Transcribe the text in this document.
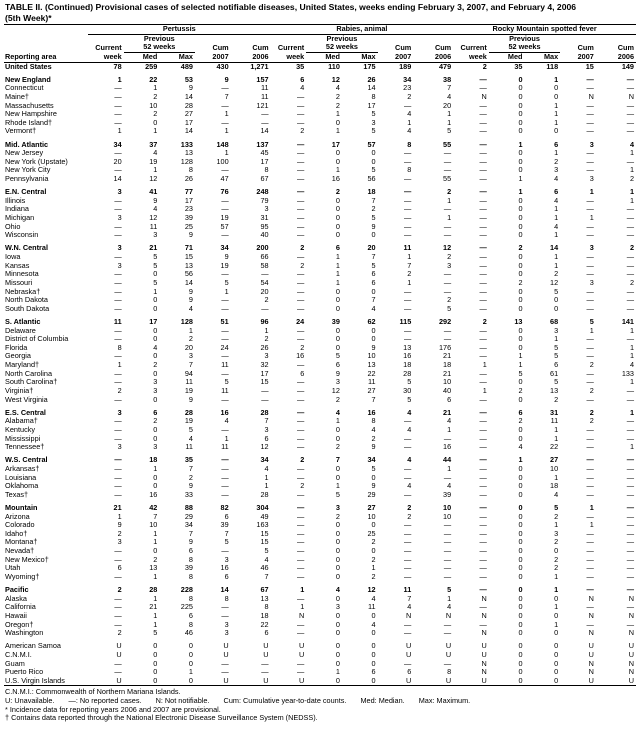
TABLE II. (Continued) Provisional cases of selected notifiable diseases, United States, weeks ending February 3, 2007, and February 4, 2006
(5th Week)*
	Pertussis					Rabies, animal					Rocky Mountain spotted fever				
		Previous					Previous					Previous			
	Current	52 weeks		Cum	Cum	Current	52 weeks		Cum	Cum	Current	52 weeks		Cum	Cum
Reporting area	week	Med	Max	2007	2006	week	Med	Max	2007	2006	week	Med	Max	2007	2006
United States	78	259	489	430	1,271	35	110	175	189	479	2	35	118	15	149

New England	1	22	53	9	157	6	12	26	34	38	—	0	1	—	—
Connecticut	—	1	9	—	11	4	4	14	23	7	—	0	0	—	—
Maine†	—	2	14	7	11	—	2	8	2	4	N	0	0	N	N
Massachusetts	—	10	28	—	121	—	2	17	—	20	—	0	1	—	—
New Hampshire	—	2	27	1	—	—	1	5	4	1	—	0	1	—	—
Rhode Island†	—	0	17	—	—	—	0	3	1	1	—	0	1	—	—
Vermont†	1	1	14	1	14	2	1	5	4	5	—	0	0	—	—

Mid. Atlantic	34	37	133	148	137	—	17	57	8	55	—	1	6	3	4
New Jersey	—	4	13	1	45	—	0	0	—	—	—	0	1	—	1
New York (Upstate)	20	19	128	100	17	—	0	0	—	—	—	0	2	—	—
New York City	—	1	8	—	8	—	1	5	8	—	—	0	3	—	1
Pennsylvania	14	12	26	47	67	—	16	56	—	55	—	1	4	3	2

E.N. Central	3	41	77	76	248	—	2	18	—	2	—	1	6	1	1
Illinois	—	9	17	—	79	—	0	7	—	1	—	0	4	—	1
Indiana	—	4	23	—	3	—	0	2	—	—	—	0	1	—	—
Michigan	3	12	39	19	31	—	0	5	—	1	—	0	1	1	—
Ohio	—	11	25	57	95	—	0	9	—	—	—	0	4	—	—
Wisconsin	—	3	9	—	40	—	0	0	—	—	—	0	1	—	—

W.N. Central	3	21	71	34	200	2	6	20	11	12	—	2	14	3	2
Iowa	—	5	15	9	66	—	1	7	1	2	—	0	1	—	—
Kansas	3	5	13	19	58	2	1	5	7	3	—	0	1	—	—
Minnesota	—	0	56	—	—	—	1	6	2	—	—	0	2	—	—
Missouri	—	5	14	5	54	—	1	6	1	—	—	2	12	3	2
Nebraska†	—	1	9	1	20	—	0	0	—	—	—	0	5	—	—
North Dakota	—	0	9	—	2	—	0	7	—	2	—	0	0	—	—
South Dakota	—	0	4	—	—	—	0	4	—	5	—	0	0	—	—

S. Atlantic	11	17	128	51	96	24	39	62	115	292	2	13	68	5	141
Delaware	—	0	1	—	1	—	0	0	—	—	—	0	3	1	1
District of Columbia	—	0	2	—	2	—	0	0	—	—	—	0	1	—	—
Florida	8	4	20	24	26	2	0	9	13	176	—	0	5	—	1
Georgia	—	0	3	—	3	16	5	10	16	21	—	1	5	—	1
Maryland†	1	2	7	11	32	—	6	13	18	18	1	1	6	2	4
North Carolina	—	0	94	—	17	6	9	22	28	21	—	5	61	—	133
South Carolina†	—	3	11	5	15	—	3	11	5	10	—	0	5	—	1
Virginia†	2	3	19	11	—	—	12	27	30	40	1	2	13	2	—
West Virginia	—	0	9	—	—	—	2	7	5	6	—	0	2	—	—

E.S. Central	3	6	28	16	28	—	4	16	4	21	—	6	31	2	1
Alabama†	—	2	19	4	7	—	1	8	—	4	—	2	11	2	—
Kentucky	—	0	5	—	3	—	0	4	4	1	—	0	1	—	—
Mississippi	—	0	4	1	6	—	0	2	—	—	—	0	1	—	—
Tennessee†	3	3	11	11	12	—	2	9	—	16	—	4	22	—	1

W.S. Central	—	18	35	—	34	2	7	34	4	44	—	1	27	—	—
Arkansas†	—	1	7	—	4	—	0	5	—	1	—	0	10	—	—
Louisiana	—	0	2	—	1	—	0	0	—	—	—	0	1	—	—
Oklahoma	—	0	9	—	1	2	1	9	4	4	—	0	18	—	—
Texas†	—	16	33	—	28	—	5	29	—	39	—	0	4	—	—

Mountain	21	42	88	82	304	—	3	27	2	10	—	0	5	1	—
Arizona	1	7	29	6	49	—	2	10	2	10	—	0	2	—	—
Colorado	9	10	34	39	163	—	0	0	—	—	—	0	1	1	—
Idaho†	2	1	7	7	15	—	0	25	—	—	—	0	3	—	—
Montana†	3	1	9	5	15	—	0	2	—	—	—	0	2	—	—
Nevada†	—	0	6	—	5	—	0	0	—	—	—	0	0	—	—
New Mexico†	—	2	8	3	4	—	0	2	—	—	—	0	2	—	—
Utah	6	13	39	16	46	—	0	1	—	—	—	0	2	—	—
Wyoming†	—	1	8	6	7	—	0	2	—	—	—	0	1	—	—

Pacific	2	28	228	14	67	1	4	12	11	5	—	0	1	—	—
Alaska	—	1	8	8	13	—	0	4	7	1	N	0	0	N	N
California	—	21	225	—	8	1	3	11	4	4	—	0	1	—	—
Hawaii	—	1	6	—	18	N	0	0	N	N	N	0	0	N	N
Oregon†	—	1	8	3	22	—	0	4	—	—	—	0	1	—	—
Washington	2	5	46	3	6	—	0	0	—	—	N	0	0	N	N

American Samoa	U	0	0	U	U	U	0	0	U	U	U	0	0	U	U
C.N.M.I.	U	0	0	U	U	U	0	0	U	U	U	0	0	U	U
Guam	—	0	0	—	—	—	0	0	—	—	N	0	0	N	N
Puerto Rico	—	0	1	—	—	—	1	6	6	8	N	0	0	N	N
U.S. Virgin Islands	U	0	0	U	U	U	0	0	U	U	U	0	0	U	U
C.N.M.I.: Commonwealth of Northern Mariana Islands.
U: Unavailable. —: No reported cases. N: Not notifiable. Cum: Cumulative year-to-date counts. Med: Median. Max: Maximum.
* Incidence data for reporting years 2006 and 2007 are provisional.
† Contains data reported through the National Electronic Disease Surveillance System (NEDSS).
